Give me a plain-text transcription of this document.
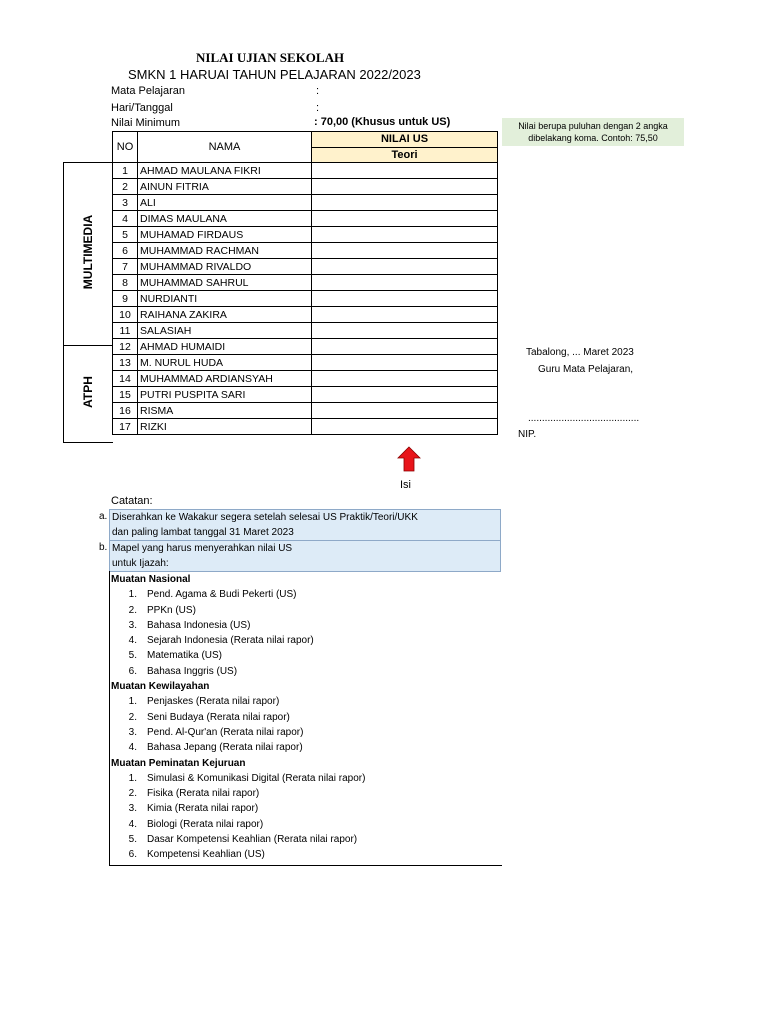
NILAI UJIAN SEKOLAH
SMKN 1 HARUAI TAHUN PELAJARAN 2022/2023
Mata Pelajaran	:
Hari/Tanggal	:
Nilai Minimum	: 70,00 (Khusus untuk US)	Nilai berupa puluhan dengan 2 angka dibelakang koma. Contoh: 75,50
MULTIMEDIA
ATPH
NO	NAMA	NILAI US
		Teori
1	AHMAD MAULANA FIKRI	
2	AINUN FITRIA	
3	ALI	
4	DIMAS MAULANA	
5	MUHAMAD FIRDAUS	
6	MUHAMMAD RACHMAN	
7	MUHAMMAD RIVALDO	
8	MUHAMMAD SAHRUL	
9	NURDIANTI	
10	RAIHANA ZAKIRA	
11	SALASIAH	
12	AHMAD HUMAIDI	
13	M. NURUL HUDA	
14	MUHAMMAD ARDIANSYAH	
15	PUTRI PUSPITA SARI	
16	RISMA	
17	RIZKI	
Isi
Tabalong, ... Maret 2023
Guru Mata Pelajaran,
........................................
NIP.
Catatan:
a. Diserahkan ke Wakakur segera setelah selesai US Praktik/Teori/UKK
dan paling lambat tanggal 31 Maret 2023
b. Mapel yang harus menyerahkan nilai US
untuk Ijazah:
Muatan Nasional
1. Pend. Agama & Budi Pekerti (US)
2. PPKn (US)
3. Bahasa Indonesia (US)
4. Sejarah Indonesia (Rerata nilai rapor)
5. Matematika (US)
6. Bahasa Inggris (US)
Muatan Kewilayahan
1. Penjaskes (Rerata nilai rapor)
2. Seni Budaya (Rerata nilai rapor)
3. Pend. Al-Qur'an (Rerata nilai rapor)
4. Bahasa Jepang (Rerata nilai rapor)
Muatan Peminatan Kejuruan
1. Simulasi & Komunikasi Digital (Rerata nilai rapor)
2. Fisika (Rerata nilai rapor)
3. Kimia (Rerata nilai rapor)
4. Biologi (Rerata nilai rapor)
5. Dasar Kompetensi Keahlian (Rerata nilai rapor)
6. Kompetensi Keahlian (US)
